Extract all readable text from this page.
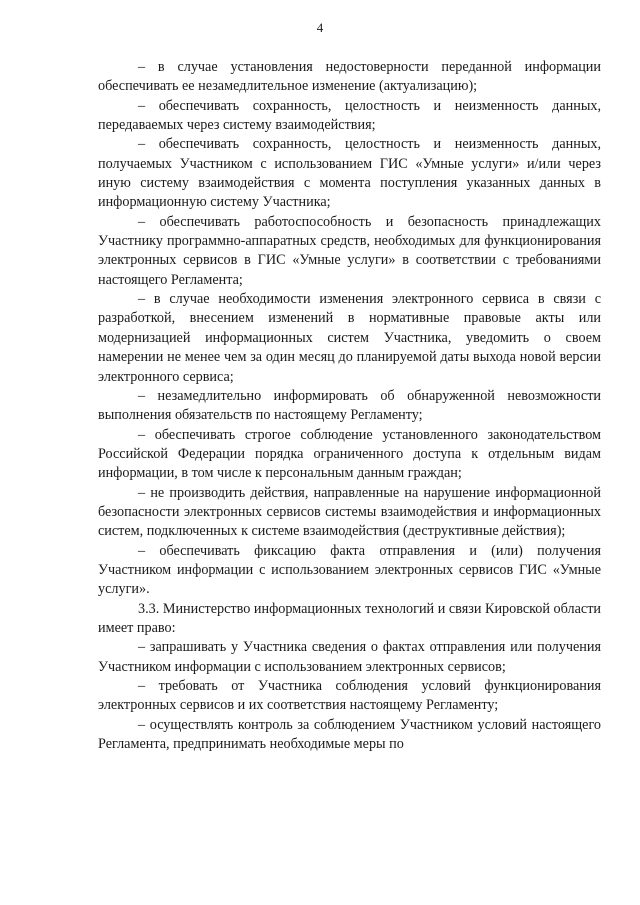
4

– в случае установления недостоверности переданной информации обеспечивать ее незамедлительное изменение (актуализацию);

– обеспечивать сохранность, целостность и неизменность данных, передаваемых через систему взаимодействия;

– обеспечивать сохранность, целостность и неизменность данных, получаемых Участником с использованием ГИС «Умные услуги» и/или через иную систему взаимодействия с момента поступления указанных данных в информационную систему Участника;

– обеспечивать работоспособность и безопасность принадлежащих Участнику программно-аппаратных средств, необходимых для функционирования электронных сервисов в ГИС «Умные услуги» в соответствии с требованиями настоящего Регламента;

– в случае необходимости изменения электронного сервиса в связи с разработкой, внесением изменений в нормативные правовые акты или модернизацией информационных систем Участника, уведомить о своем намерении не менее чем за один месяц до планируемой даты выхода новой версии электронного сервиса;

– незамедлительно информировать об обнаруженной невозможности выполнения обязательств по настоящему Регламенту;

– обеспечивать строгое соблюдение установленного законодательством Российской Федерации порядка ограниченного доступа к отдельным видам информации, в том числе к персональным данным граждан;

– не производить действия, направленные на нарушение информационной безопасности электронных сервисов системы взаимодействия и информационных систем, подключенных к системе взаимодействия (деструктивные действия);

– обеспечивать фиксацию факта отправления и (или) получения Участником информации с использованием электронных сервисов ГИС «Умные услуги».

3.3. Министерство информационных технологий и связи Кировской области имеет право:

– запрашивать у Участника сведения о фактах отправления или получения Участником информации с использованием электронных сервисов;

– требовать от Участника соблюдения условий функционирования электронных сервисов и их соответствия настоящему Регламенту;

– осуществлять контроль за соблюдением Участником условий настоящего Регламента, предпринимать необходимые меры по
